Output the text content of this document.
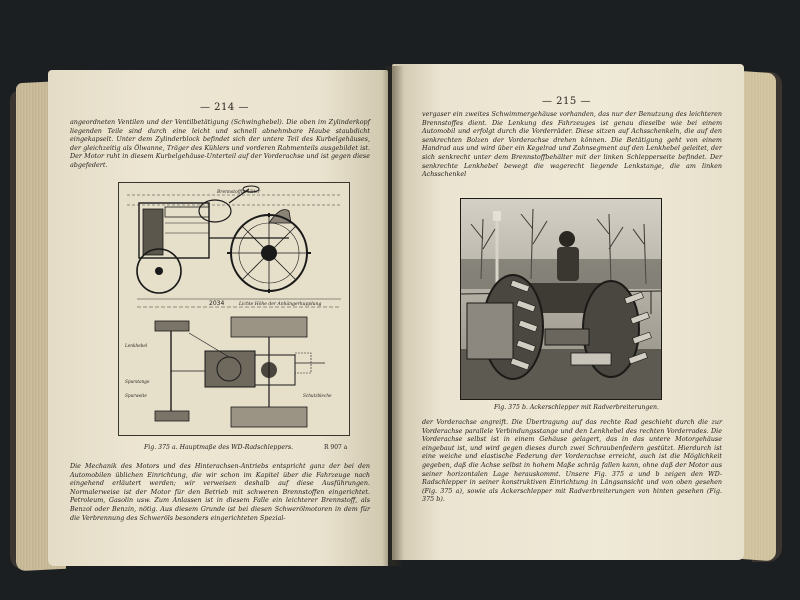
— 214 —

angeordneten Ventilen und der Ventilbetätigung (Schwinghebel). Die oben im Zylinderkopf liegenden Teile sind durch eine leicht und schnell abnehmbare Haube staubdicht eingekapselt. Unter dem Zylinderblock befindet sich der untere Teil des Kurbelgehäuses, der gleichzeitig als Ölwanne, Träger des Kühlers und vorderen Rahmenteils ausgebildet ist. Der Motor ruht in diesem Kurbelgehäuse-Unterteil auf der Vorderachse und ist gegen diese abgefedert.

2034	Lichte Höhe der Anhängerkupplung
Brennstoffbehälter
Lenkhebel
Spurstange
Spurweite	Schutzbleche
Fig. 375 a. Hauptmaße des WD-Radschleppers.	R 907 a

Die Mechanik des Motors und des Hinterachsen-Antriebs entspricht ganz der bei den Automobilen üblichen Einrichtung, die wir schon im Kapitel über die Fahrzeuge nach eingehend erläutert werden; wir verweisen deshalb auf diese Ausführungen. Normalerweise ist der Motor für den Betrieb mit schweren Brennstoffen eingerichtet. Petroleum, Gasolin usw. Zum Anlassen ist in diesem Falle ein leichterer Brennstoff, als Benzol oder Benzin, nötig. Aus diesem Grunde ist bei diesen Schwerölmotoren in dem für die Verbrennung des Schweröls besonders eingerichteten Spezial-

— 215 —

vergaser ein zweites Schwimmergehäuse vorhanden, das nur der Benutzung des leichteren Brennstoffes dient. Die Lenkung des Fahrzeuges ist genau dieselbe wie bei einem Automobil und erfolgt durch die Vorderräder. Diese sitzen auf Achsschenkeln, die auf den senkrechten Bolzen der Vorderachse drehen können. Die Betätigung geht von einem Handrad aus und wird über ein Kegelrad und Zahnsegment auf den Lenkhebel geleitet, der sich senkrecht unter dem Brennstoffbehälter mit der linken Schlepperseite befindet. Der senkrechte Lenkhebel bewegt die wagerecht liegende Lenkstange, die am linken Achsschenkel

Fig. 375 b. Ackerschlepper mit Radverbreiterungen.

der Vorderachse angreift. Die Übertragung auf das rechte Rad geschieht durch die zur Vorderachse parallele Verbindungsstange und den Lenkhebel des rechten Vorderrades. Die Vorderachse selbst ist in einem Gehäuse gelagert, das in das untere Motorgehäuse eingebaut ist, und wird gegen dieses durch zwei Schraubenfedern gestützt. Hierdurch ist eine weiche und elastische Federung der Vorderachse erreicht, auch ist die Möglichkeit gegeben, daß die Achse selbst in hohem Maße schräg fallen kann, ohne daß der Motor aus seiner horizontalen Lage herauskommt. Unsere Fig. 375 a und b zeigen den WD-Radschlepper in seiner konstruktiven Einrichtung in Längsansicht und von oben gesehen (Fig. 375 a), sowie als Ackerschlepper mit Radverbreiterungen von hinten gesehen (Fig. 375 b).
